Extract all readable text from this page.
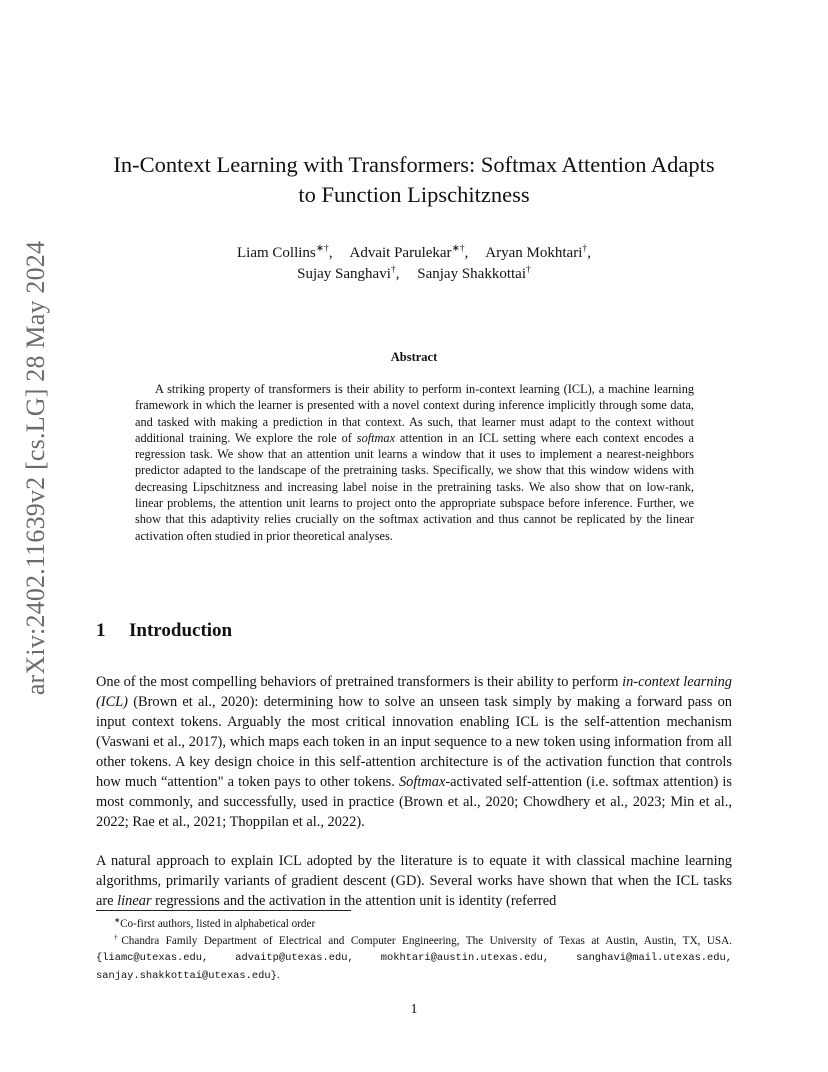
arXiv:2402.11639v2 [cs.LG] 28 May 2024
In-Context Learning with Transformers: Softmax Attention Adapts
to Function Lipschitzness
Liam Collins∗†, Advait Parulekar∗†, Aryan Mokhtari†,
Sujay Sanghavi†, Sanjay Shakkottai†
Abstract

A striking property of transformers is their ability to perform in-context learning (ICL), a machine learning framework in which the learner is presented with a novel context during inference implicitly through some data, and tasked with making a prediction in that context. As such, that learner must adapt to the context without additional training. We explore the role of softmax attention in an ICL setting where each context encodes a regression task. We show that an attention unit learns a window that it uses to implement a nearest-neighbors predictor adapted to the landscape of the pretraining tasks. Specifically, we show that this window widens with decreasing Lipschitzness and increasing label noise in the pretraining tasks. We also show that on low-rank, linear problems, the attention unit learns to project onto the appropriate subspace before inference. Further, we show that this adaptivity relies crucially on the softmax activation and thus cannot be replicated by the linear activation often studied in prior theoretical analyses.

1 Introduction

One of the most compelling behaviors of pretrained transformers is their ability to perform in-context learning (ICL) (Brown et al., 2020): determining how to solve an unseen task simply by making a forward pass on input context tokens. Arguably the most critical innovation enabling ICL is the self-attention mechanism (Vaswani et al., 2017), which maps each token in an input sequence to a new token using information from all other tokens. A key design choice in this self-attention architecture is of the activation function that controls how much “attention" a token pays to other tokens. Softmax-activated self-attention (i.e. softmax attention) is most commonly, and successfully, used in practice (Brown et al., 2020; Chowdhery et al., 2023; Min et al., 2022; Rae et al., 2021; Thoppilan et al., 2022).

A natural approach to explain ICL adopted by the literature is to equate it with classical machine learning algorithms, primarily variants of gradient descent (GD). Several works have shown that when the ICL tasks are linear regressions and the activation in the attention unit is identity (referred

∗Co-first authors, listed in alphabetical order

†Chandra Family Department of Electrical and Computer Engineering, The University of Texas at Austin, Austin, TX, USA. {liamc@utexas.edu, advaitp@utexas.edu, mokhtari@austin.utexas.edu, sanghavi@mail.utexas.edu, sanjay.shakkottai@utexas.edu}.

1
